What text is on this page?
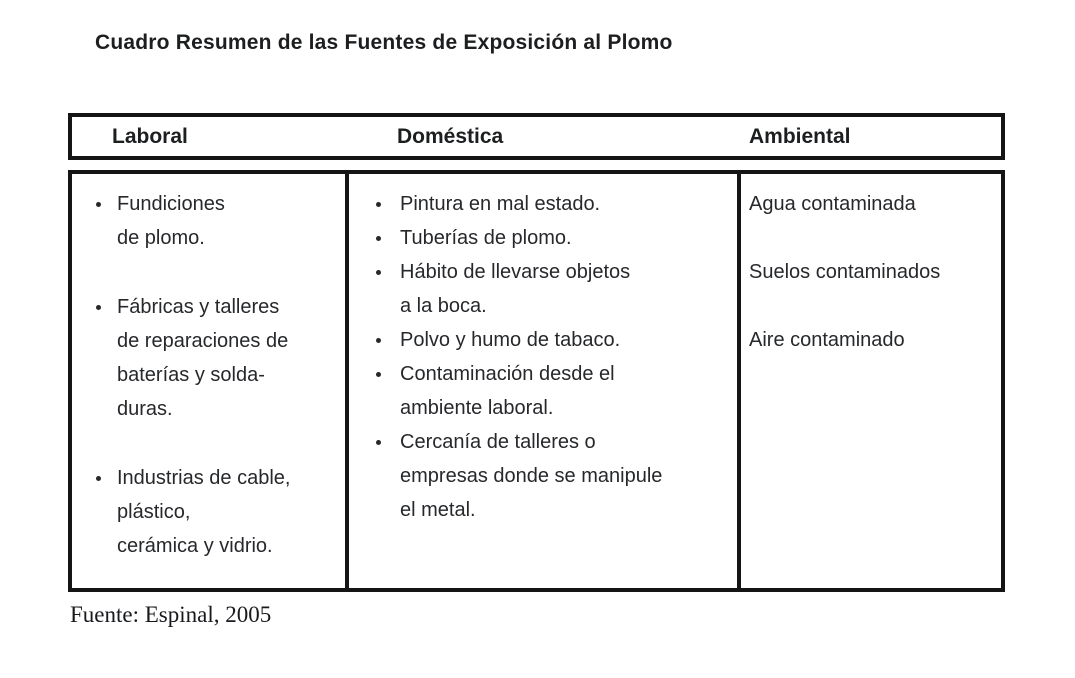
Cuadro Resumen de las Fuentes de Exposición al Plomo
Laboral	Doméstica	Ambiental
Fundiciones
de plomo.
Fábricas y talleres
de reparaciones de
baterías y solda-
duras.
Industrias de cable,
plástico,
cerámica y vidrio.
Pintura en mal estado.
Tuberías de plomo.
Hábito de llevarse objetos
a la boca.
Polvo y humo de tabaco.
Contaminación desde el
ambiente laboral.
Cercanía de talleres o
empresas donde se manipule
el metal.
Agua contaminada
Suelos contaminados
Aire contaminado
Fuente: Espinal, 2005
